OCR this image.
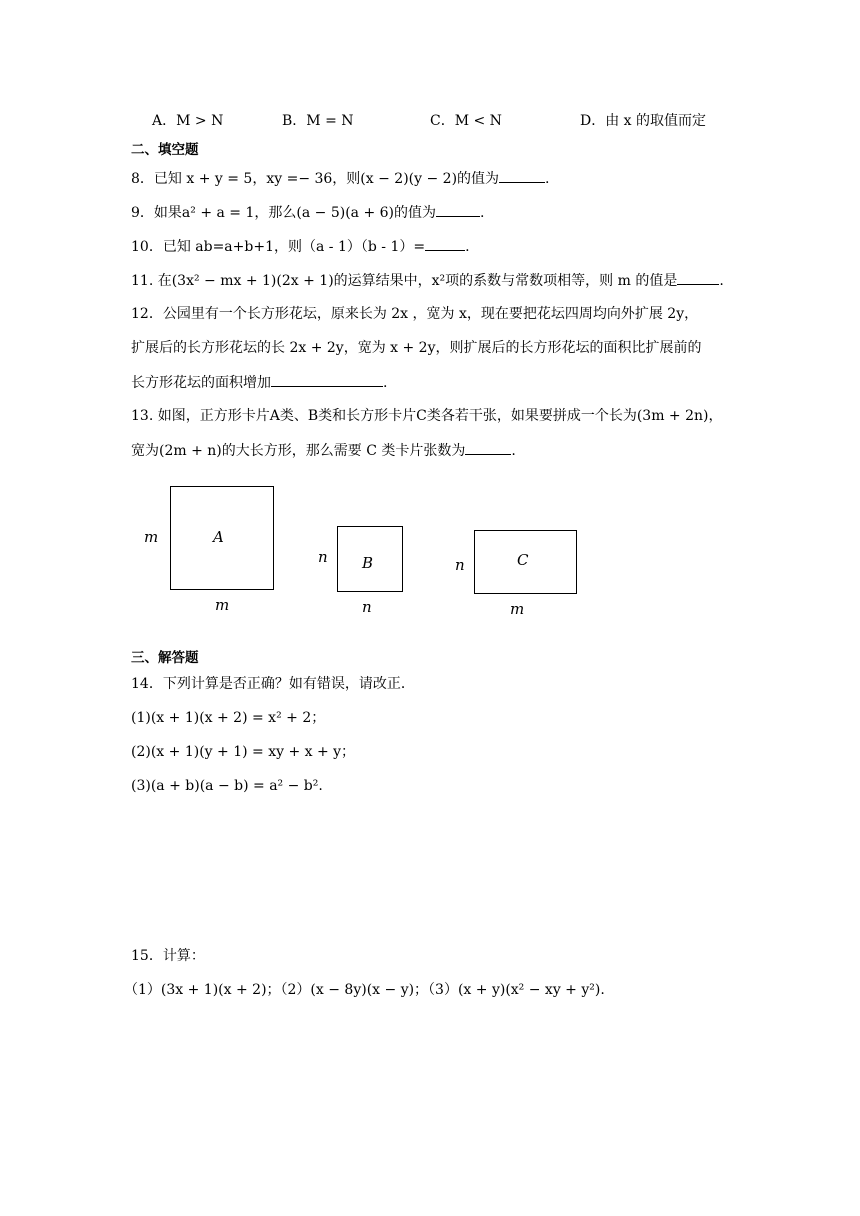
A．M > N	B．M = N	C．M < N	D．由 x 的取值而定
二、填空题
8．已知 x + y = 5，xy =− 36，则(x − 2)(y − 2)的值为	.
9．如果a² + a = 1，那么(a − 5)(a + 6)的值为	.
10．已知 ab=a+b+1，则（a - 1）（b - 1）=	.
11. 在(3x² − mx + 1)(2x + 1)的运算结果中，x²项的系数与常数项相等，则 m 的值是	.
12．公园里有一个长方形花坛，原来长为 2x ，宽为 x，现在要把花坛四周均向外扩展 2y，
扩展后的长方形花坛的长 2x + 2y，宽为 x + 2y，则扩展后的长方形花坛的面积比扩展前的
长方形花坛的面积增加	.
13. 如图，正方形卡片A类、B类和长方形卡片C类各若干张，如果要拼成一个长为(3m + 2n)，
宽为(2m + n)的大长方形，那么需要 C 类卡片张数为	.
m	A
m
n B
n
n	C
m
三、解答题
14．下列计算是否正确？如有错误，请改正．
(1)(x + 1)(x + 2) = x² + 2；
(2)(x + 1)(y + 1) = xy + x + y；
(3)(a + b)(a − b) = a² − b².
15．计算：
（1）(3x + 1)(x + 2)；（2）(x − 8y)(x − y)；（3）(x + y)(x² − xy + y²).
